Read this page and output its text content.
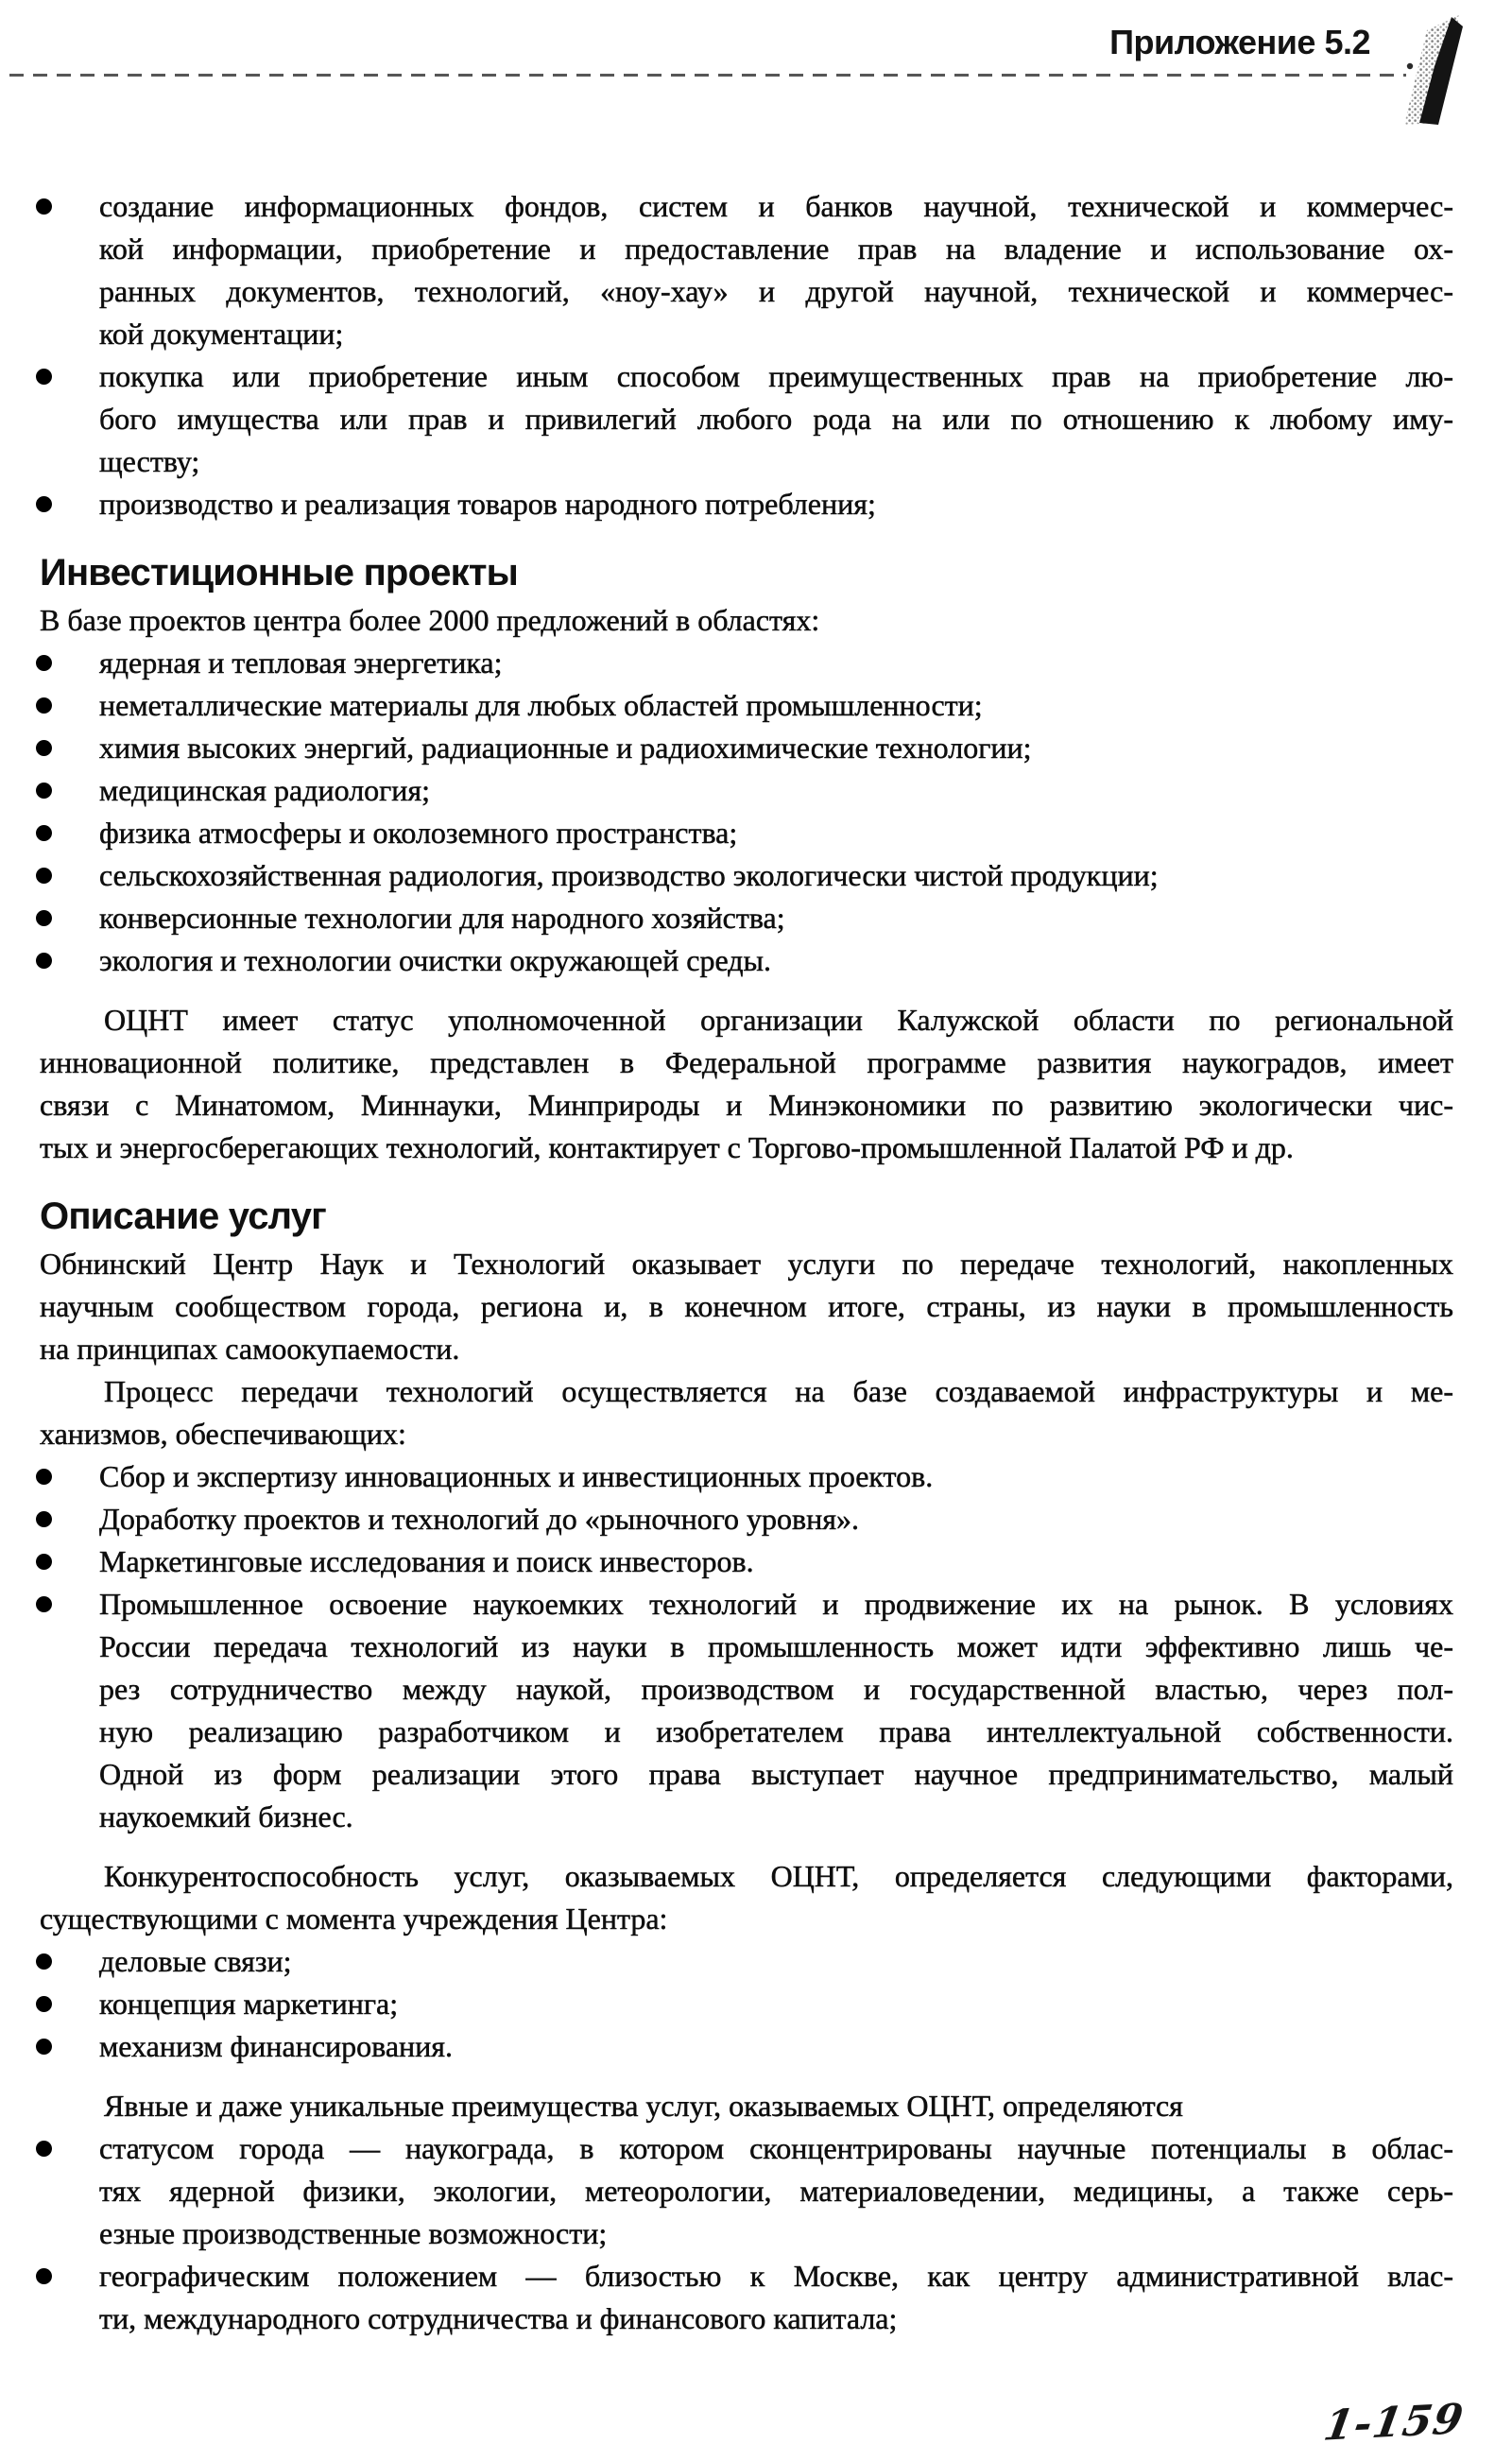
Приложение 5.2
создание информационных фондов, систем и банков научной, технической и коммерчес-
кой информации, приобретение и предоставление прав на владение и использование ох-
ранных документов, технологий, «ноу-хау» и другой научной, технической и коммерчес-
кой документации;
покупка или приобретение иным способом преимущественных прав на приобретение лю-
бого имущества или прав и привилегий любого рода на или по отношению к любому иму-
ществу;
производство и реализация товаров народного потребления;
Инвестиционные проекты

В базе проектов центра более 2000 предложений в областях:

ядерная и тепловая энергетика;
неметаллические материалы для любых областей промышленности;
химия высоких энергий, радиационные и радиохимические технологии;
медицинская радиология;
физика атмосферы и околоземного пространства;
сельскохозяйственная радиология, производство экологически чистой продукции;
конверсионные технологии для народного хозяйства;
экология и технологии очистки окружающей среды.

ОЦНТ имеет статус уполномоченной организации Калужской области по региональной
инновационной политике, представлен в Федеральной программе развития наукоградов, имеет
связи с Минатомом, Миннауки, Минприроды и Минэкономики по развитию экологически чис-
тых и энергосберегающих технологий, контактирует с Торгово-промышленной Палатой РФ и др.

Описание услуг

Обнинский Центр Наук и Технологий оказывает услуги по передаче технологий, накопленных
научным сообществом города, региона и, в конечном итоге, страны, из науки в промышленность
на принципах самоокупаемости.

Процесс передачи технологий осуществляется на базе создаваемой инфраструктуры и ме-
ханизмов, обеспечивающих:

Сбор и экспертизу инновационных и инвестиционных проектов.
Доработку проектов и технологий до «рыночного уровня».
Маркетинговые исследования и поиск инвесторов.
Промышленное освоение наукоемких технологий и продвижение их на рынок. В условиях
России передача технологий из науки в промышленность может идти эффективно лишь че-
рез сотрудничество между наукой, производством и государственной властью, через пол-
ную реализацию разработчиком и изобретателем права интеллектуальной собственности.
Одной из форм реализации этого права выступает научное предпринимательство, малый
наукоемкий бизнес.

Конкурентоспособность услуг, оказываемых ОЦНТ, определяется следующими факторами,
существующими с момента учреждения Центра:

деловые связи;
концепция маркетинга;
механизм финансирования.

Явные и даже уникальные преимущества услуг, оказываемых ОЦНТ, определяются

статусом города — наукограда, в котором сконцентрированы научные потенциалы в облас-
тях ядерной физики, экологии, метеорологии, материаловедении, медицины, а также серь-
езные производственные возможности;
географическим положением — близостью к Москве, как центру административной влас-
ти, международного сотрудничества и финансового капитала;
1-159
